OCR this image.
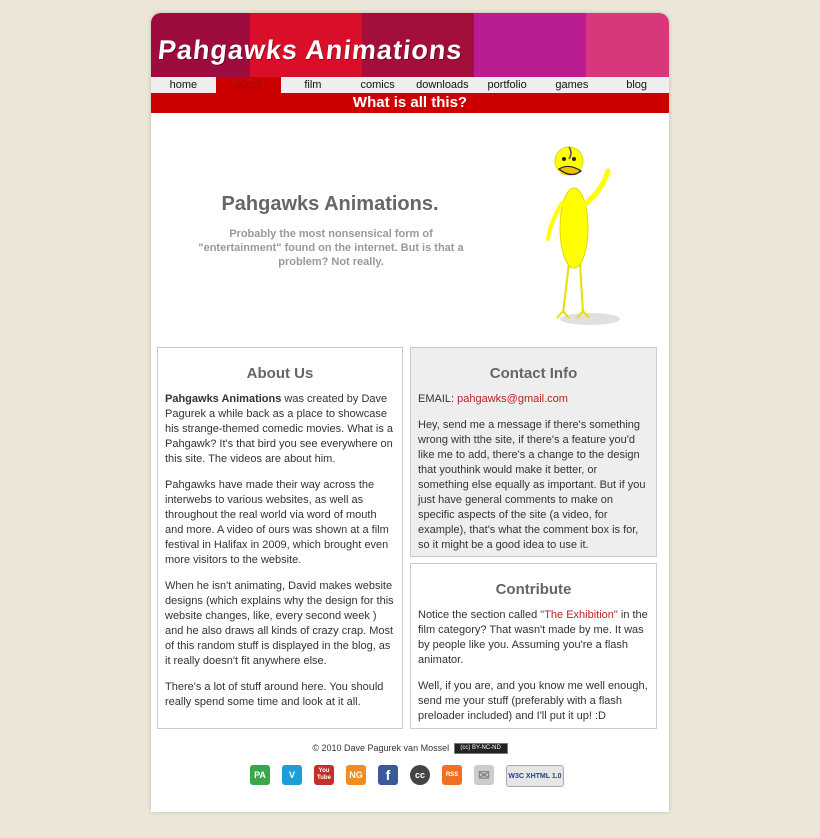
Pahgawks Animations
home	about	film	comics	downloads	portfolio	games	blog
What is all this?
Pahgawks Animations.
Probably the most nonsensical form of "entertainment" found on the internet. But is that a problem? Not really.
About Us

Pahgawks Animations was created by Dave Pagurek a while back as a place to showcase his strange-themed comedic movies. What is a Pahgawk? It's that bird you see everywhere on this site. The videos are about him.

Pahgawks have made their way across the interwebs to various websites, as well as throughout the real world via word of mouth and more. A video of ours was shown at a film festival in Halifax in 2009, which brought even more visitors to the website.

When he isn't animating, David makes website designs (which explains why the design for this website changes, like, every second week ) and he also draws all kinds of crazy crap. Most of this random stuff is displayed in the blog, as it really doesn't fit anywhere else.

There's a lot of stuff around here. You should really spend some time and look at it all.

Contact Info

EMAIL: pahgawks@gmail.com

Hey, send me a message if there's something wrong with tthe site, if there's a feature you'd like me to add, there's a change to the design that youthink would make it better, or something else equally as important. But if you just have general comments to make on specific aspects of the site (a video, for example), that's what the comment box is for, so it might be a good idea to use it.

Contribute

Notice the section called "The Exhibition" in the film category? That wasn't made by me. It was by people like you. Assuming you're a flash animator.

Well, if you are, and you know me well enough, send me your stuff (preferably with a flash preloader included) and I'll put it up! :D

© 2010 Dave Pagurek van Mossel (cc) BY-NC-ND
PA	V	You Tube	NG	f	cc	RSS ✉	W3C XHTML 1.0
